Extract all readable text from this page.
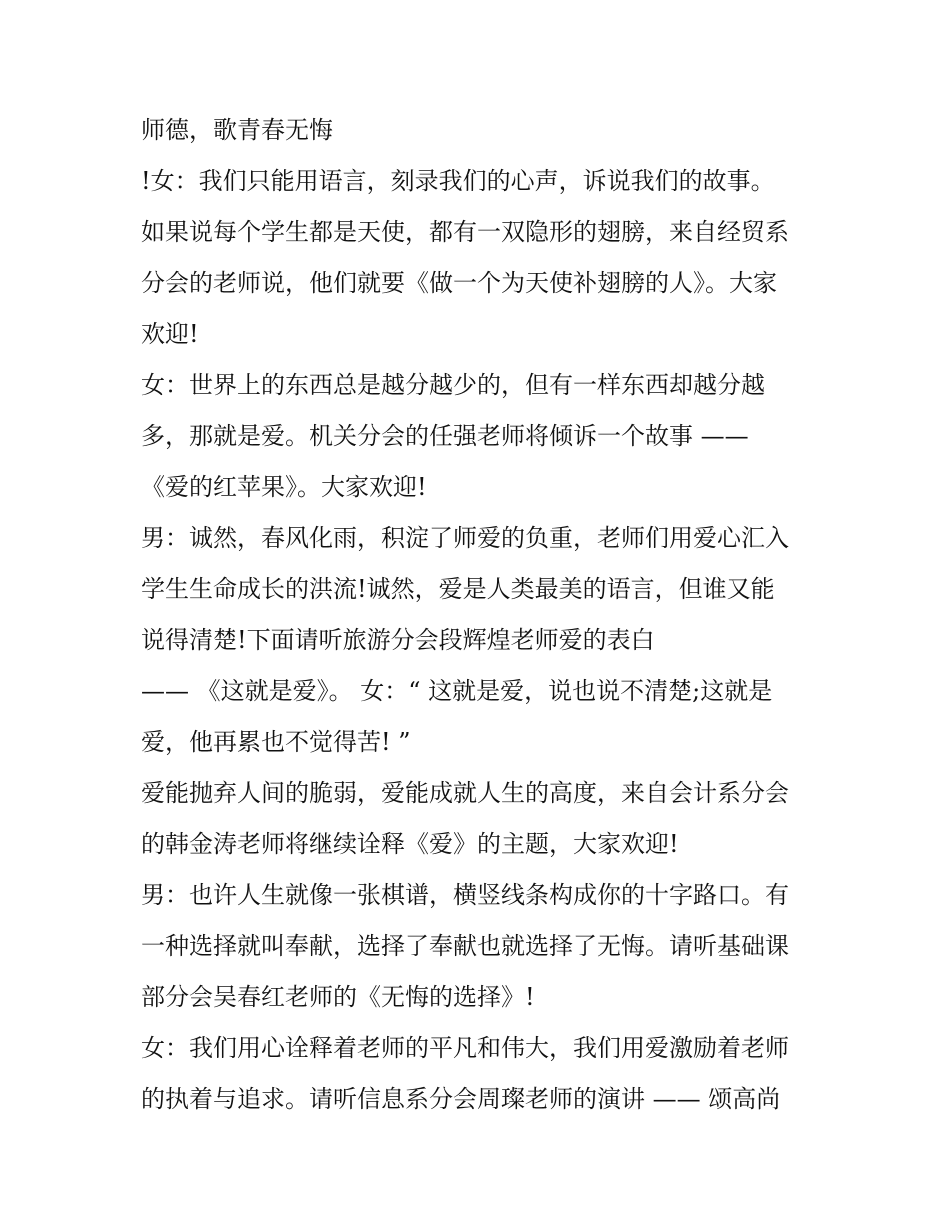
师德，歌青春无悔
!女：我们只能用语言，刻录我们的心声，诉说我们的故事。
如果说每个学生都是天使，都有一双隐形的翅膀，来自经贸系
分会的老师说，他们就要《做一个为天使补翅膀的人》。大家
欢迎!
女：世界上的东西总是越分越少的，但有一样东西却越分越
多，那就是爱。机关分会的任强老师将倾诉一个故事 ——
《爱的红苹果》。大家欢迎!
男：诚然，春风化雨，积淀了师爱的负重，老师们用爱心汇入
学生生命成长的洪流!诚然，爱是人类最美的语言，但谁又能
说得清楚!下面请听旅游分会段辉煌老师爱的表白
—— 《这就是爱》。 女：“ 这就是爱，说也说不清楚;这就是
爱，他再累也不觉得苦! ”
爱能抛弃人间的脆弱，爱能成就人生的高度，来自会计系分会
的韩金涛老师将继续诠释《爱》的主题，大家欢迎!
男：也许人生就像一张棋谱，横竖线条构成你的十字路口。有
一种选择就叫奉献，选择了奉献也就选择了无悔。请听基础课
部分会吴春红老师的《无悔的选择》!
女：我们用心诠释着老师的平凡和伟大，我们用爱激励着老师
的执着与追求。请听信息系分会周璨老师的演讲 —— 颂高尚
